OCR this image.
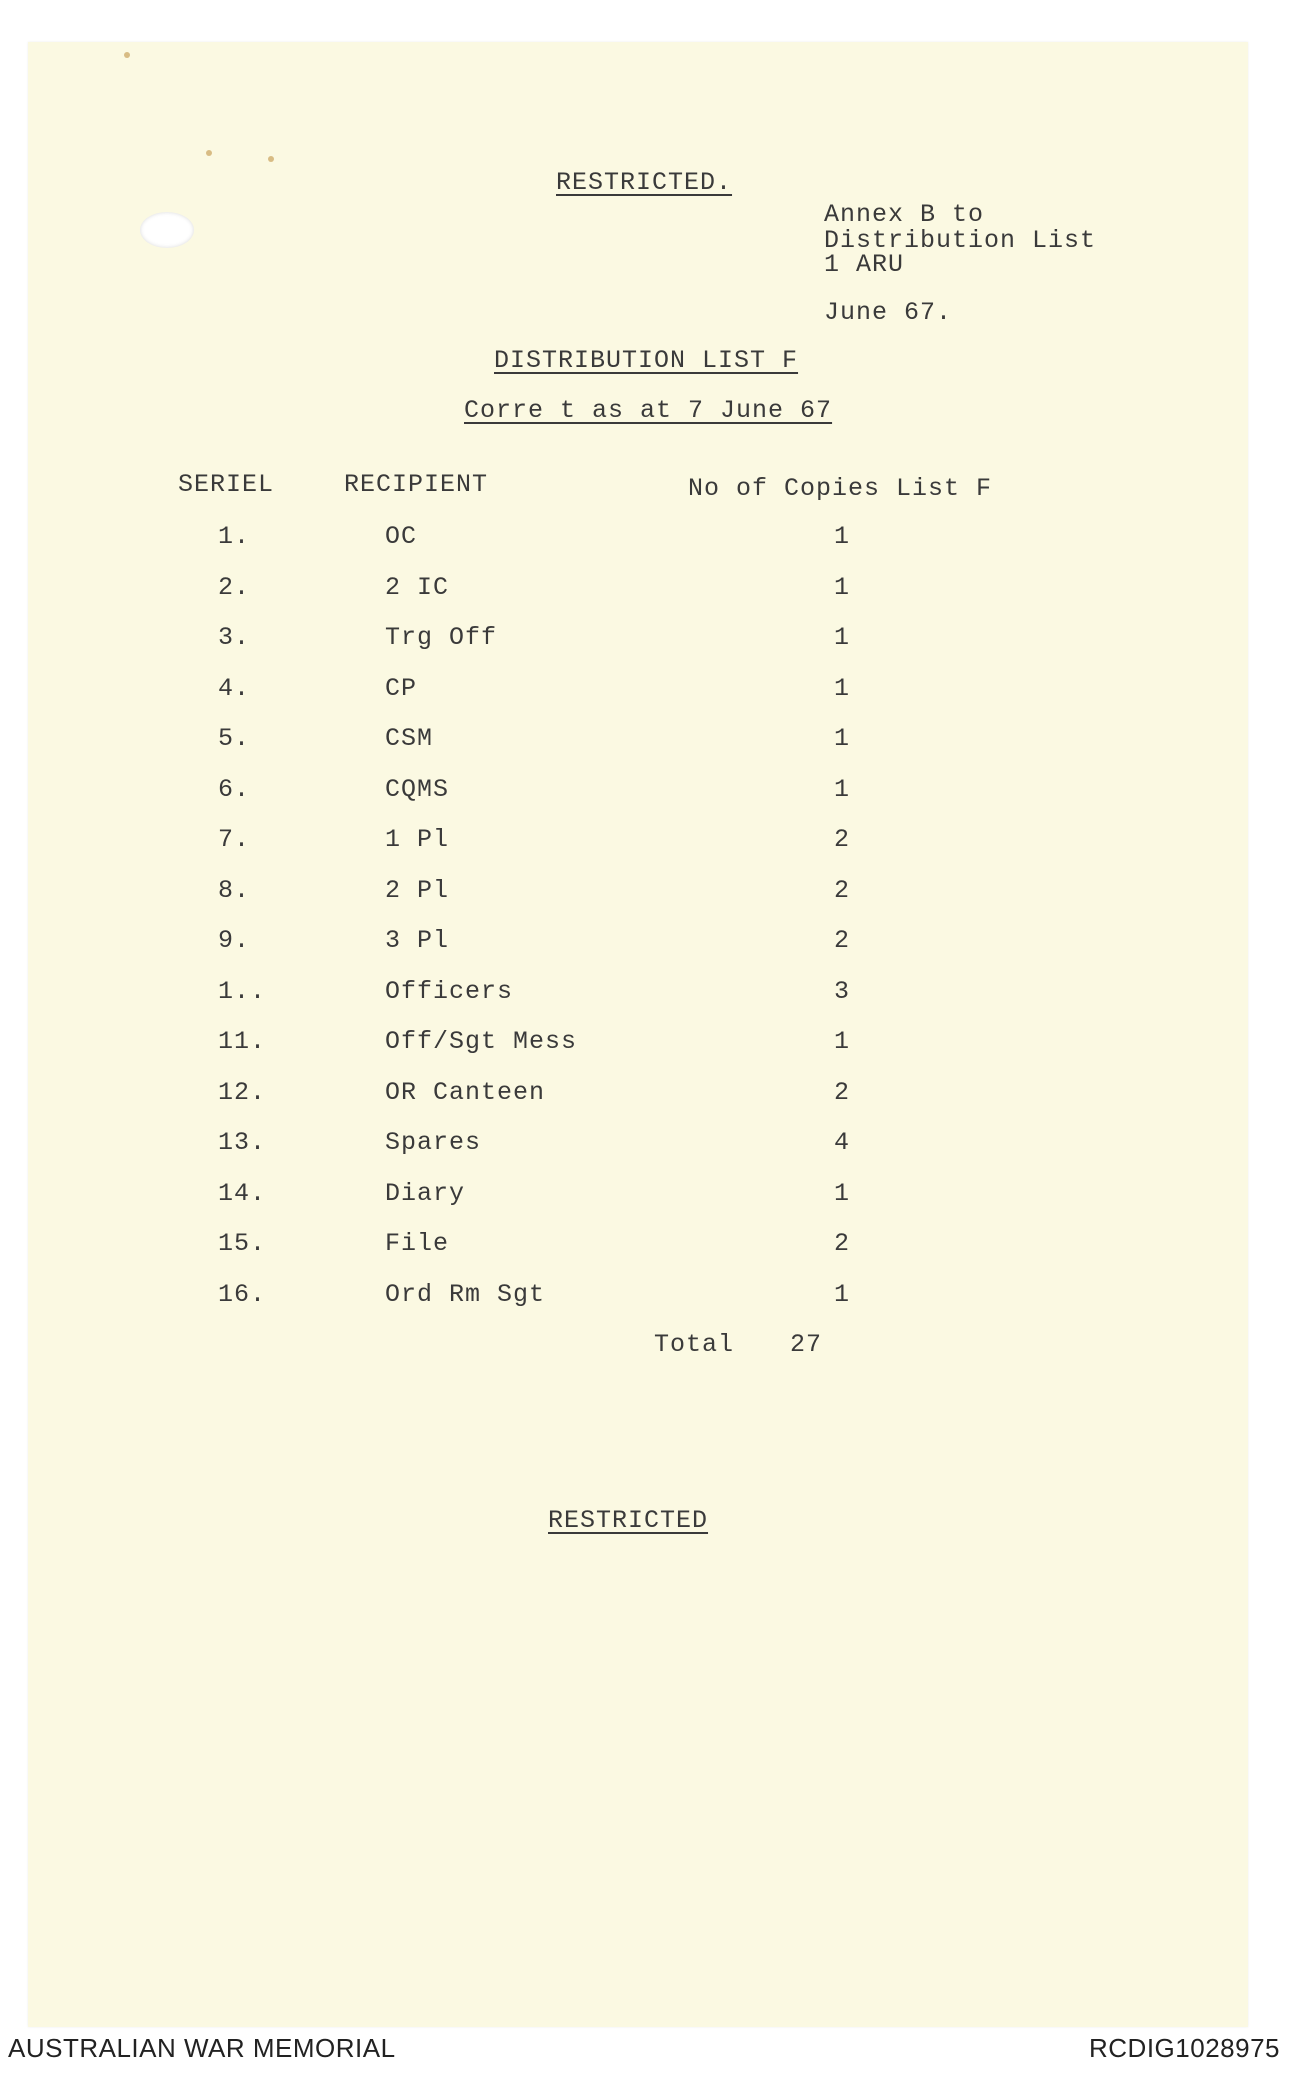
RESTRICTED.
Annex B to
Distribution List
1 ARU
June 67.
DISTRIBUTION LIST F
Corre t as at 7 June 67
SERIEL	RECIPIENT	No of Copies List F
1.	OC	1
2.	2 IC	1
3.	Trg Off	1
4.	CP	1
5.	CSM	1
6.	CQMS	1
7.	1 Pl	2
8.	2 Pl	2
9.	3 Pl	2
1..	Officers	3
11.	Off/Sgt Mess	1
12.	OR Canteen	2
13.	Spares	4
14.	Diary	1
15.	File	2
16.	Ord Rm Sgt	1
Total 27
RESTRICTED
AUSTRALIAN WAR MEMORIAL	RCDIG1028975
